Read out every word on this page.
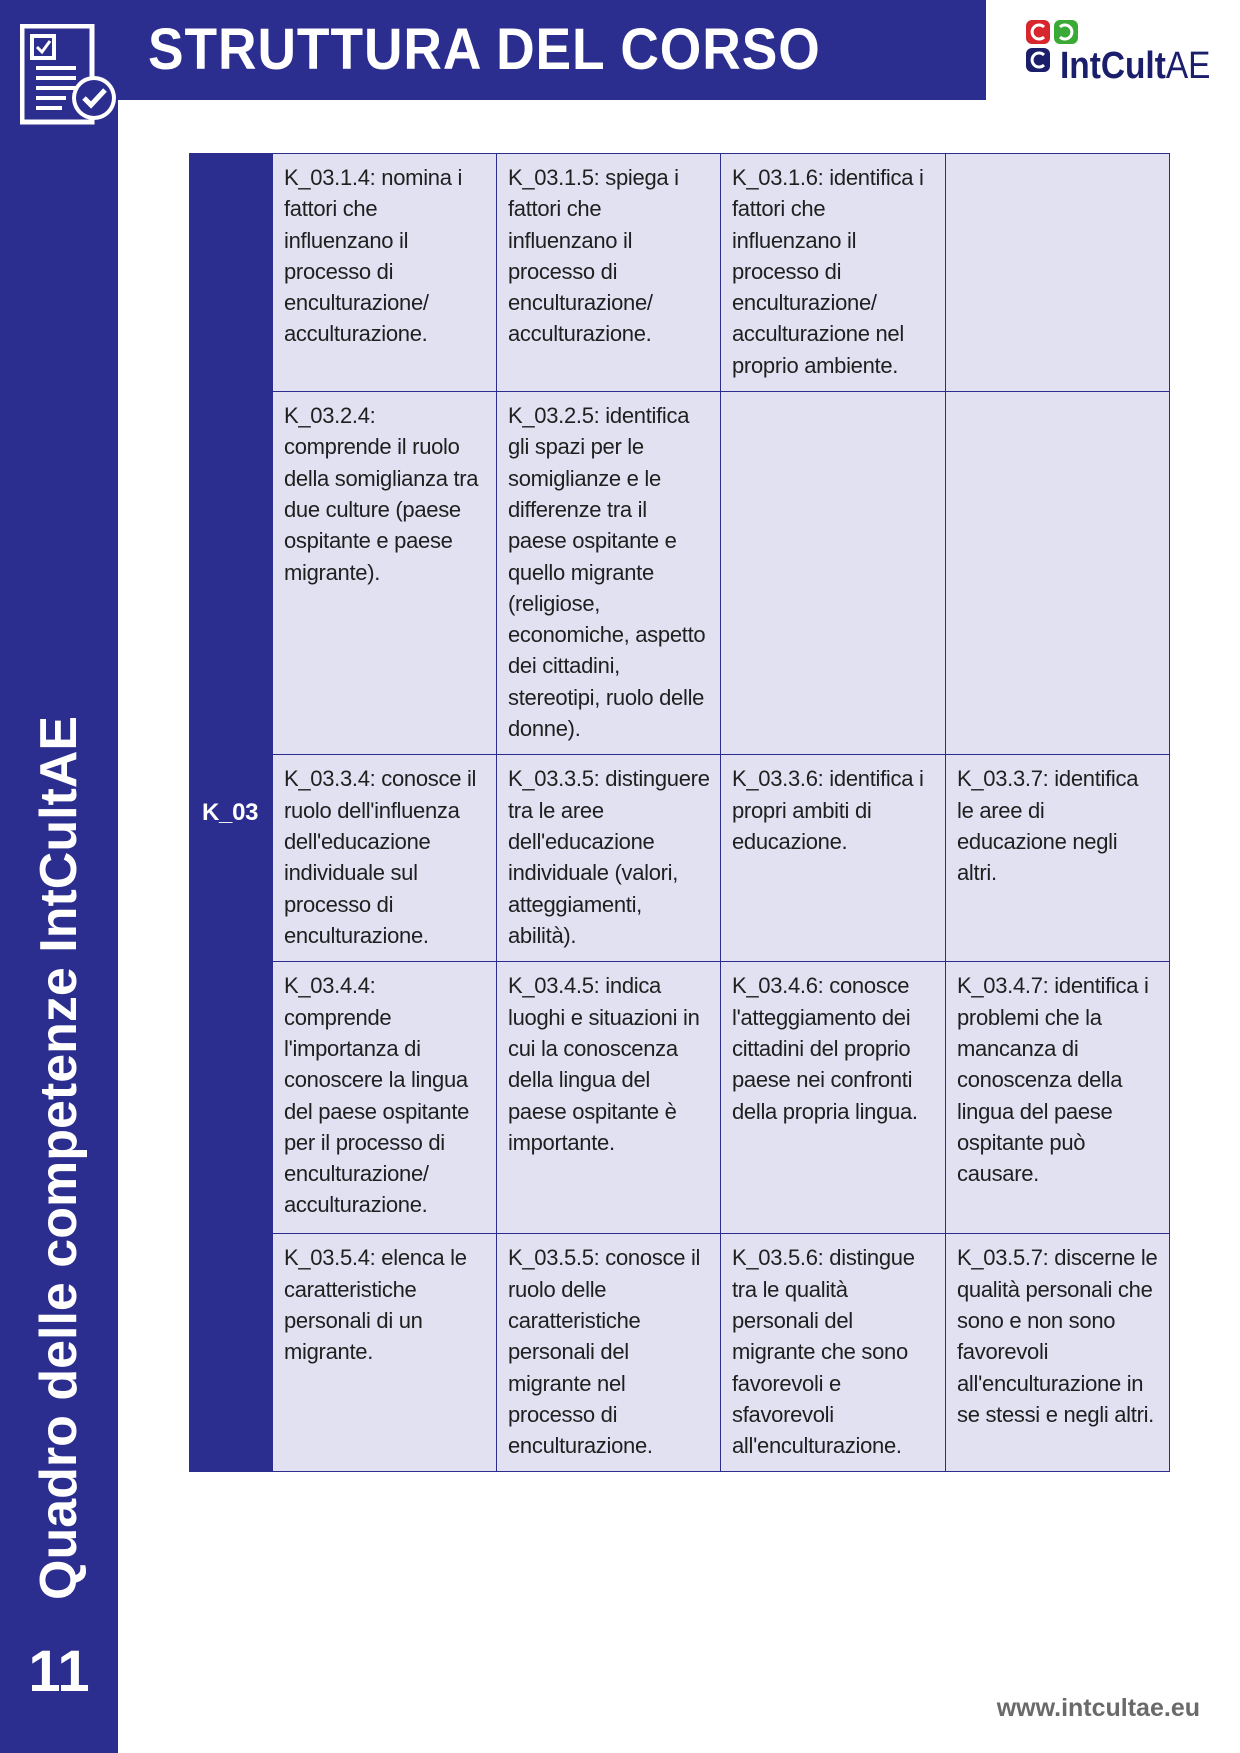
Quadro delle competenze IntCultAE
11
STRUTTURA DEL CORSO	IntCultAE
K_03	K_03.1.4: nomina i fattori che influenzano il processo di enculturazione/ acculturazione.	K_03.1.5: spiega i fattori che influenzano il processo di enculturazione/ acculturazione.	K_03.1.6: identifica i fattori che influenzano il processo di enculturazione/ acculturazione nel proprio ambiente.	
	K_03.2.4: comprende il ruolo della somiglianza tra due culture (paese ospitante e paese migrante).	K_03.2.5: identifica gli spazi per le somiglianze e le differenze tra il paese ospitante e quello migrante (religiose, economiche, aspetto dei cittadini, stereotipi, ruolo delle donne).		
	K_03.3.4: conosce il ruolo dell'influenza dell'educazione individuale sul processo di enculturazione.	K_03.3.5: distinguere tra le aree dell'educazione individuale (valori, atteggiamenti, abilità).	K_03.3.6: identifica i propri ambiti di educazione.	K_03.3.7: identifica le aree di educazione negli altri.
	K_03.4.4: comprende l'importanza di conoscere la lingua del paese ospitante per il processo di enculturazione/ acculturazione.	K_03.4.5: indica luoghi e situazioni in cui la conoscenza della lingua del paese ospitante è importante.	K_03.4.6: conosce l'atteggiamento dei cittadini del proprio paese nei confronti della propria lingua.	K_03.4.7: identifica i problemi che la mancanza di conoscenza della lingua del paese ospitante può causare.
	K_03.5.4: elenca le caratteristiche personali di un migrante.	K_03.5.5: conosce il ruolo delle caratteristiche personali del migrante nel processo di enculturazione.	K_03.5.6: distingue tra le qualità personali del migrante che sono favorevoli e sfavorevoli all'enculturazione.	K_03.5.7: discerne le qualità personali che sono e non sono favorevoli all'enculturazione in se stessi e negli altri.
www.intcultae.eu
